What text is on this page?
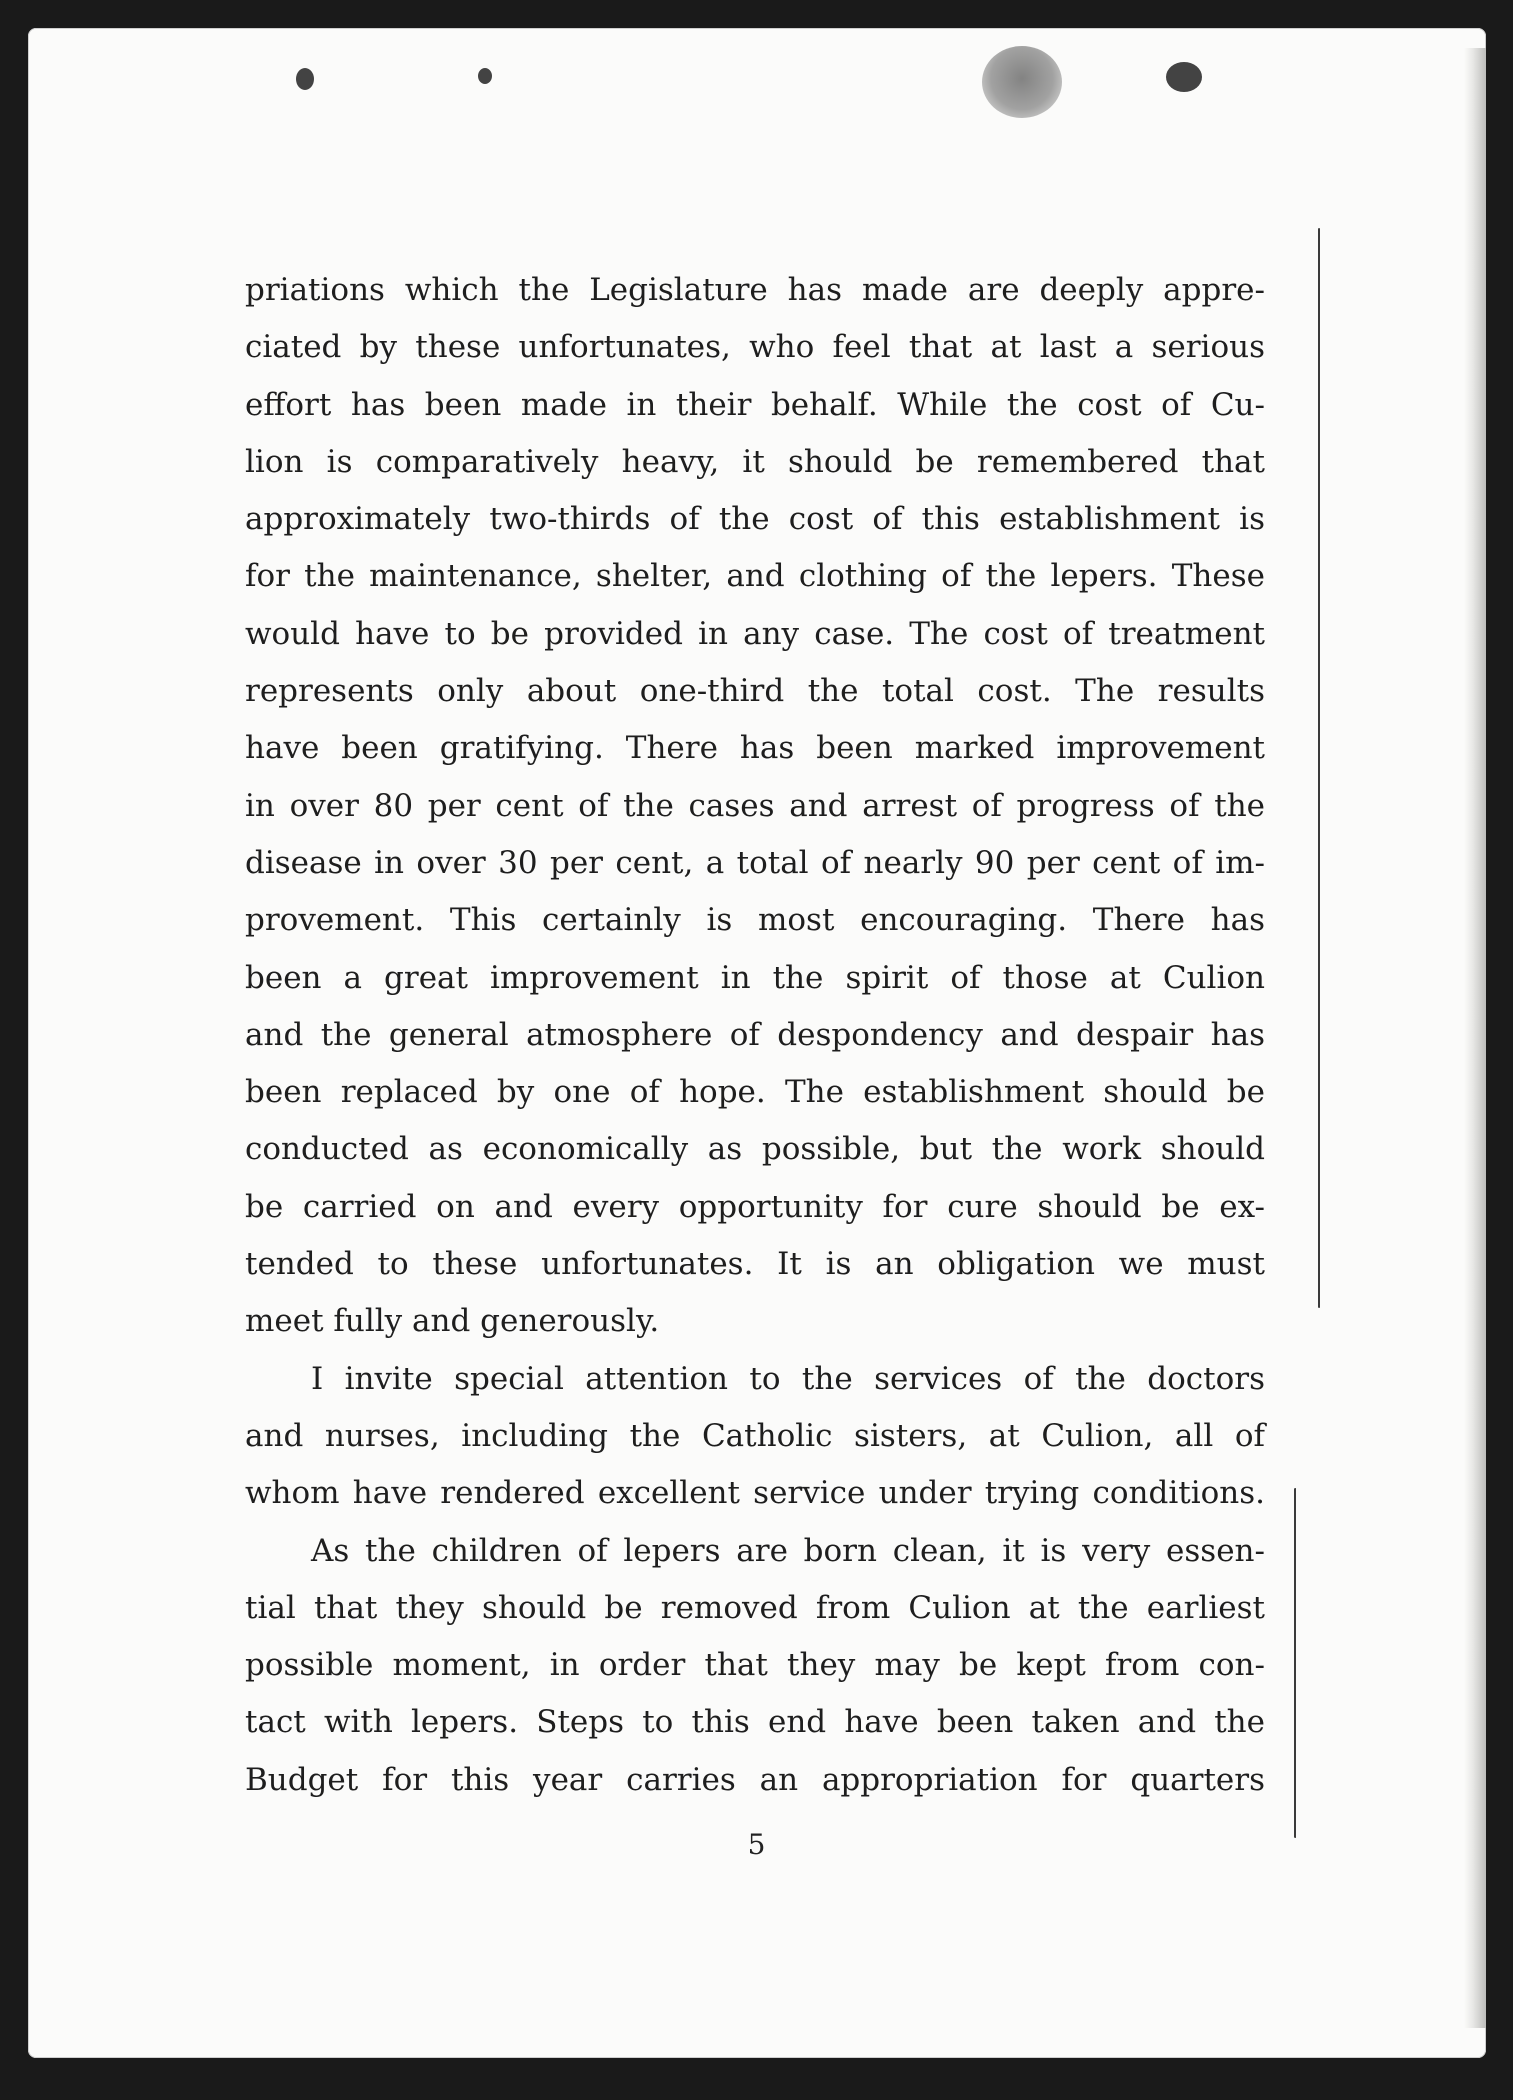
priations which the Legislature has made are deeply appre-
ciated by these unfortunates, who feel that at last a serious
effort has been made in their behalf. While the cost of Cu-
lion is comparatively heavy, it should be remembered that
approximately two-thirds of the cost of this establishment is
for the maintenance, shelter, and clothing of the lepers. These
would have to be provided in any case. The cost of treatment
represents only about one-third the total cost. The results
have been gratifying. There has been marked improvement
in over 80 per cent of the cases and arrest of progress of the
disease in over 30 per cent, a total of nearly 90 per cent of im-
provement. This certainly is most encouraging. There has
been a great improvement in the spirit of those at Culion
and the general atmosphere of despondency and despair has
been replaced by one of hope. The establishment should be
conducted as economically as possible, but the work should
be carried on and every opportunity for cure should be ex-
tended to these unfortunates. It is an obligation we must
meet fully and generously.

I invite special attention to the services of the doctors
and nurses, including the Catholic sisters, at Culion, all of
whom have rendered excellent service under trying conditions.

As the children of lepers are born clean, it is very essen-
tial that they should be removed from Culion at the earliest
possible moment, in order that they may be kept from con-
tact with lepers. Steps to this end have been taken and the
Budget for this year carries an appropriation for quarters

5
